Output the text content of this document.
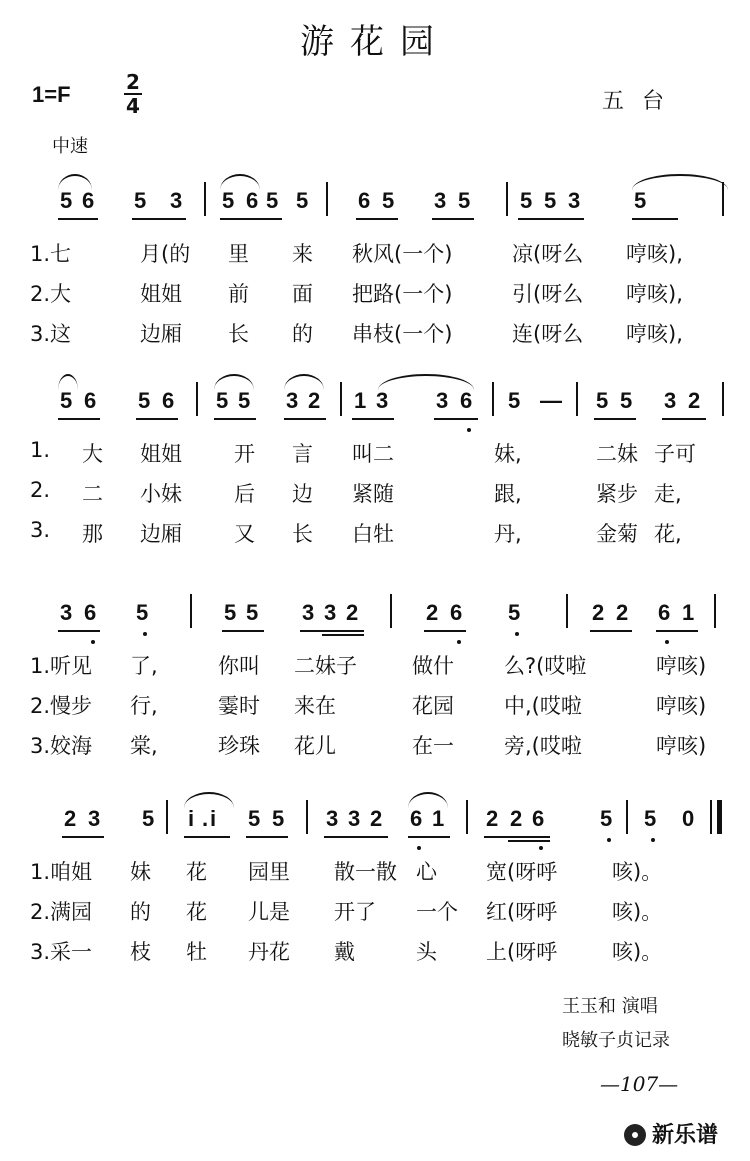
游花园
1=F	2
4	五台
中速
5 6 5 3 5 6 5 5 6 5 3 5 5 5 3 5
1.七	月(的 里 来 秋风(一个)	凉(呀么 哼咳),
2.大	姐姐 前 面 把路(一个)	引(呀么 哼咳),
3.这	边厢 长 的 串枝(一个)	连(呀么 哼咳),
5 6 5 6 5 5 3 2 1 3 3 6 5 — 5 5 3 2
1. 大 姐姐 开 言 叫二	妹,	二妹 子可
2. 二 小妹 后 边 紧随	跟,	紧步 走,
3. 那 边厢 又 长 白牡	丹,	金菊 花,
3 6 5	5 5 3 3 2	2 6 5	2 2 6 1
1.听见 了,	你叫 二妹子	做什 么?(哎啦	哼咳)
2.慢步 行,	霎时 来在	花园 中,(哎啦	哼咳)
3.姣海 棠,	珍珠 花儿	在一 旁,(哎啦	哼咳)
2 3 5 i . i 5 5 3 3 2 6 1 2 2 6	5 5 0
1.咱姐 妹 花 园里 散一散 心 宽(呀呼	咳)。
2.满园 的 花 儿是 开了 一个 红(呀呼	咳)。
3.采一 枝 牡 丹花 戴	头 上(呀呼	咳)。
王玉和 演唱
晓敏子贞记录
—107—
新乐谱
